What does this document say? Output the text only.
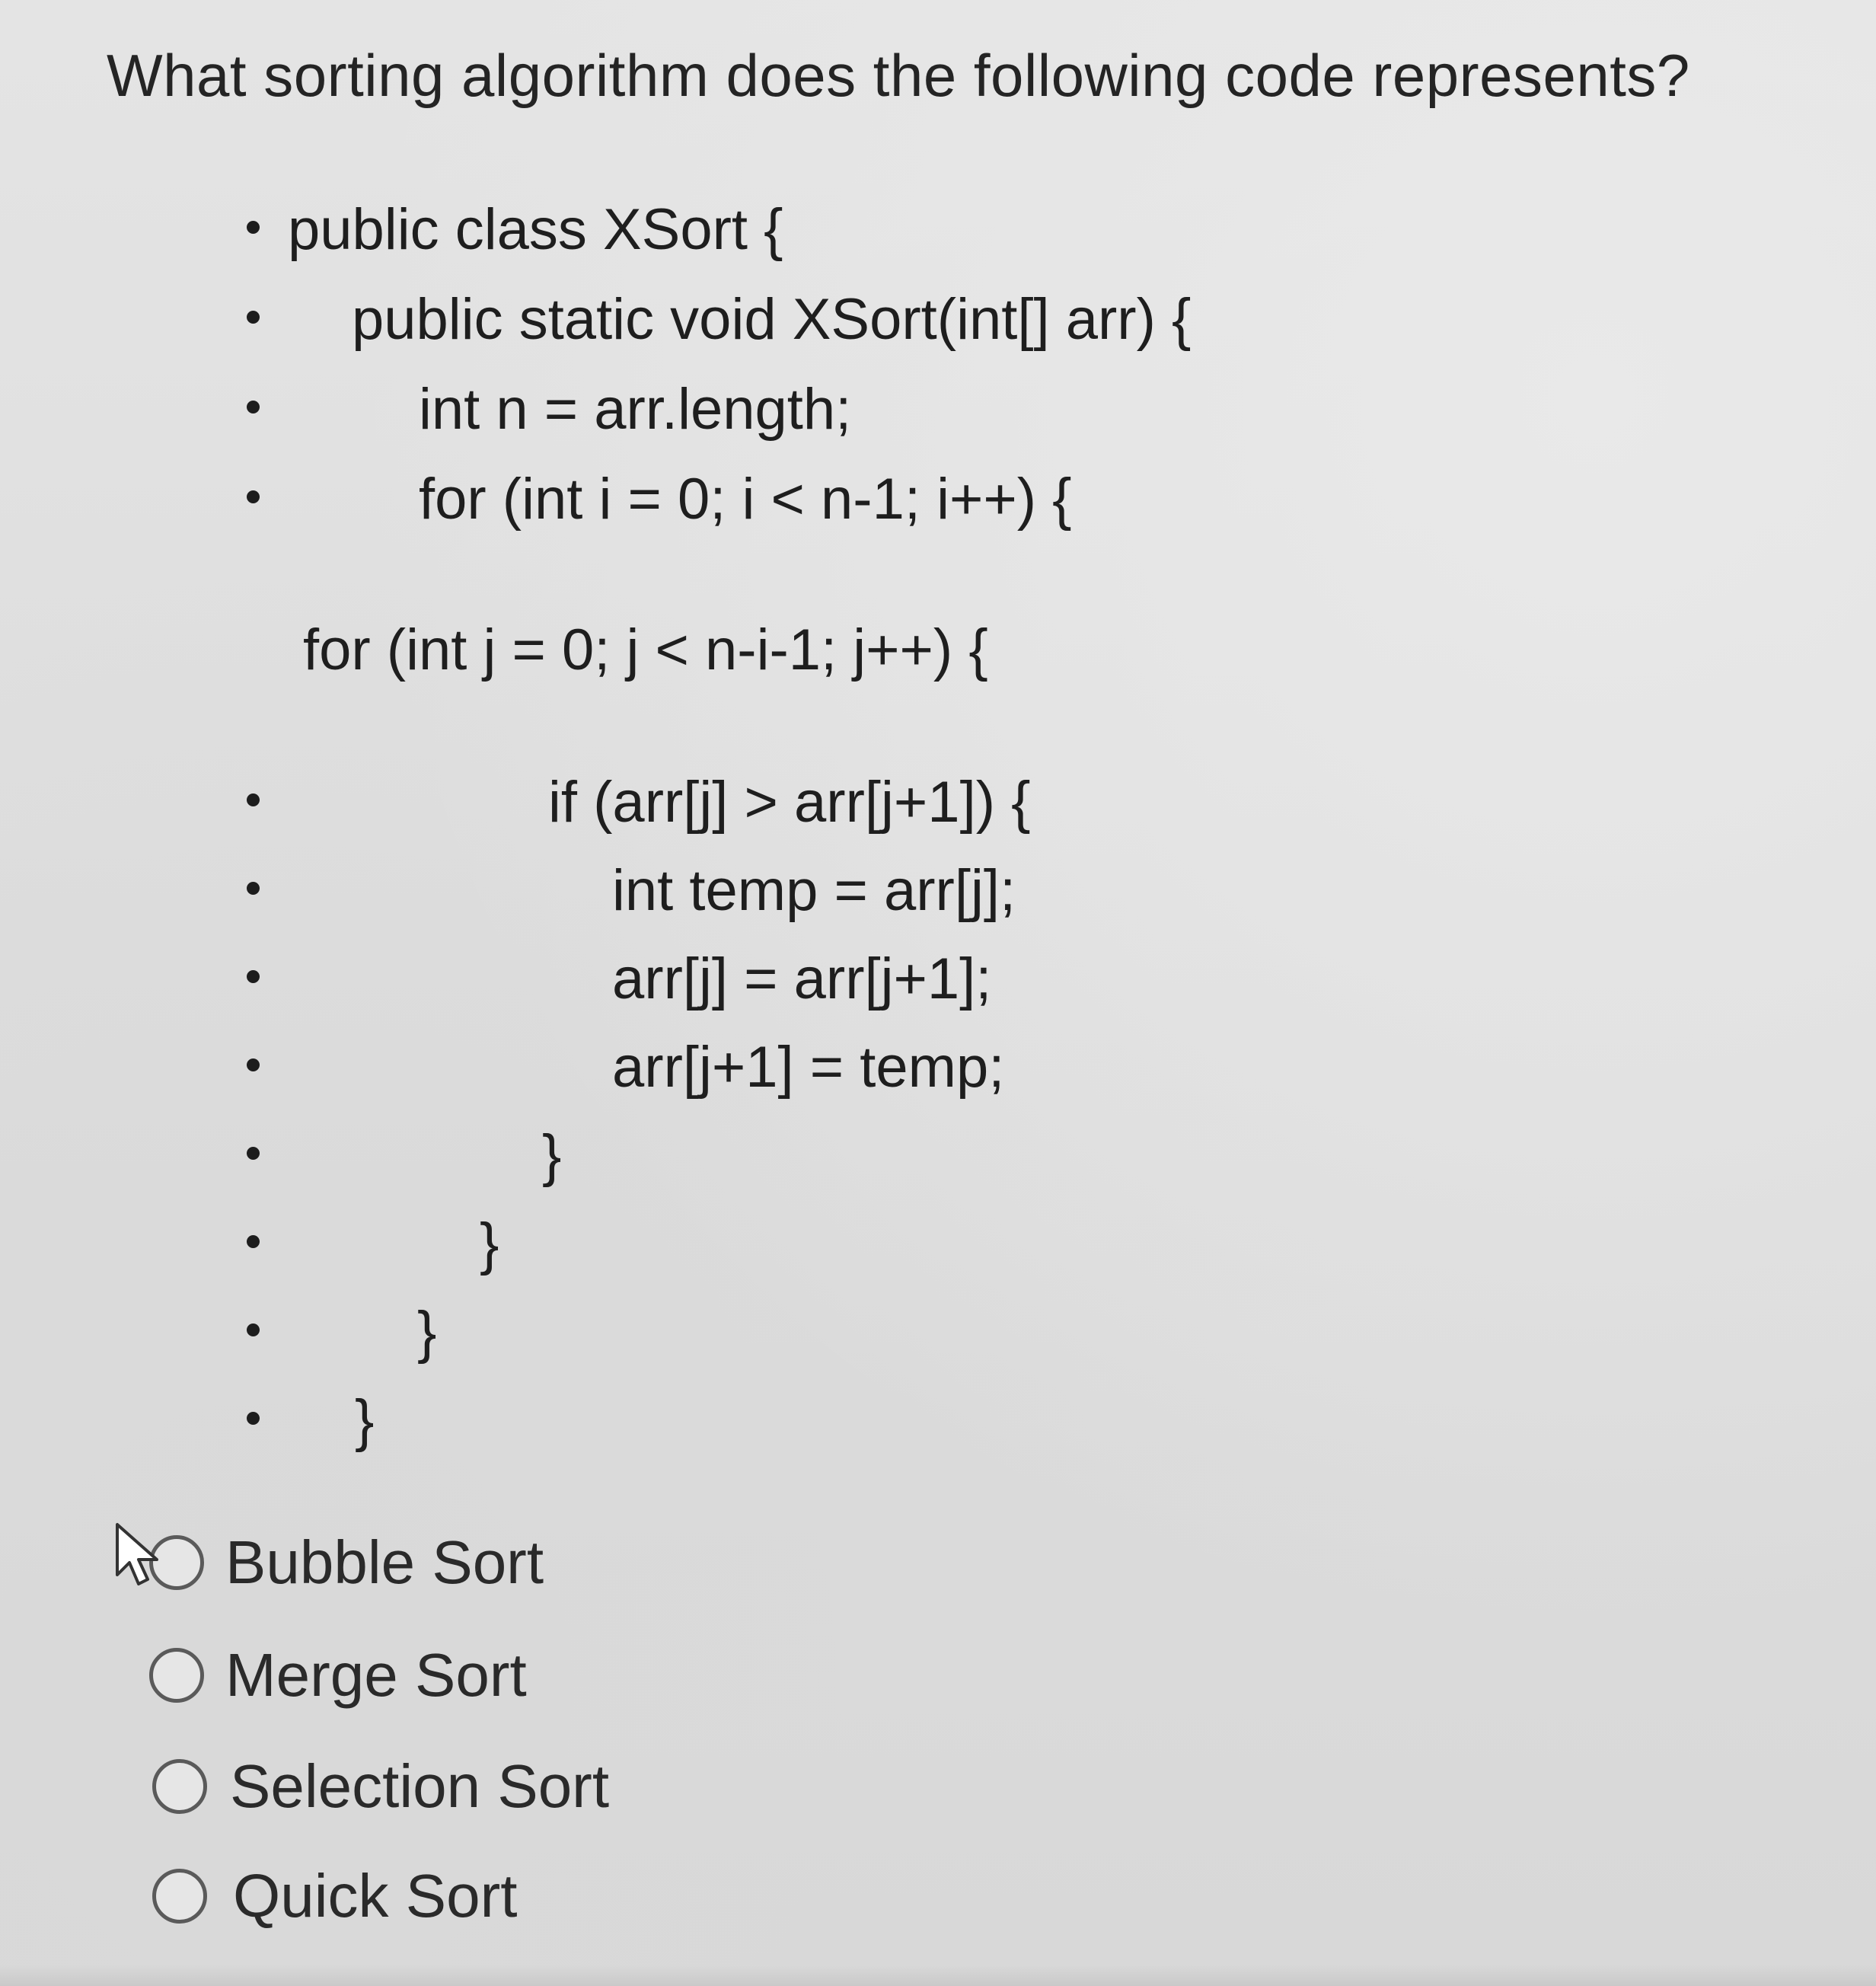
What sorting algorithm does the following code represents?
public class XSort {
public static void XSort(int[] arr) {
int n = arr.length;
for (int i = 0; i < n-1; i++) {
for (int j = 0; j < n-i-1; j++) {
if (arr[j] > arr[j+1]) {
int temp = arr[j];
arr[j] = arr[j+1];
arr[j+1] = temp;
}
}
}
}
Bubble Sort
Merge Sort
Selection Sort
Quick Sort
